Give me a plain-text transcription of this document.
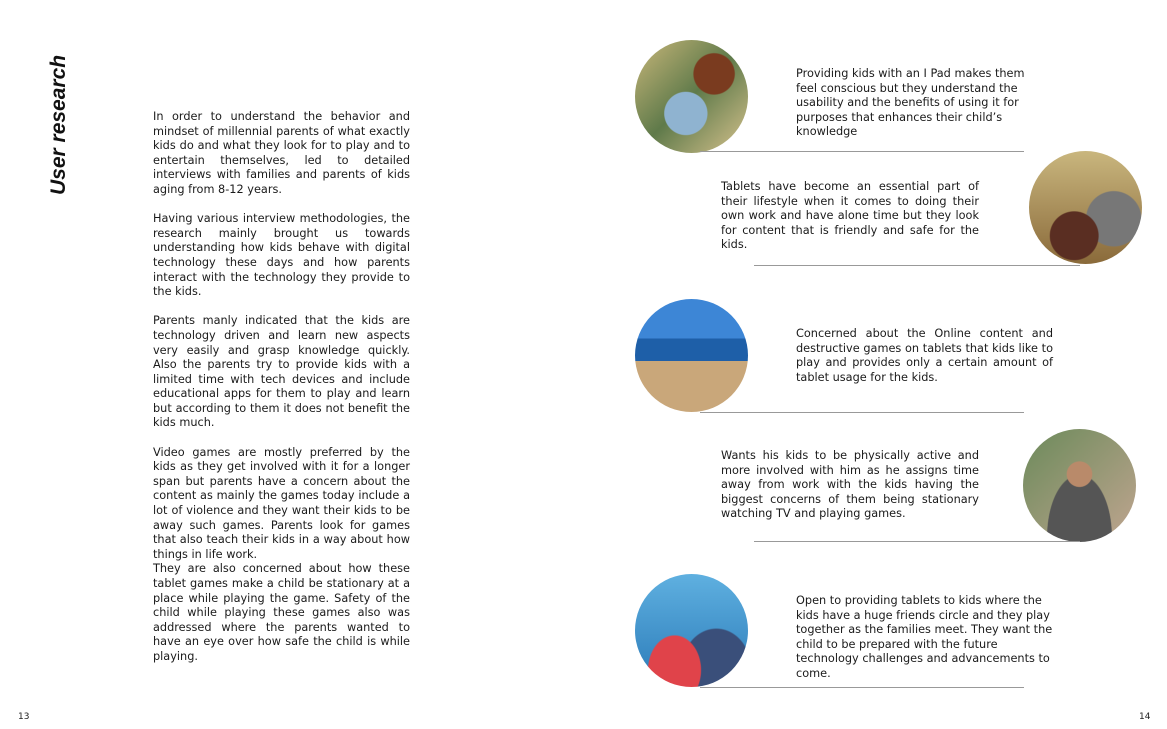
User research	In order to understand the behavior and mindset of millennial parents of what exactly kids do and what they look for to play and to entertain themselves, led to detailed interviews with families and parents of kids aging from 8-12 years.

Having various interview methodologies, the research mainly brought us towards understanding how kids behave with digital technology these days and how parents interact with the technology they provide to the kids.

Parents manly indicated that the kids are technology driven and learn new aspects very easily and grasp knowledge quickly. Also the parents try to provide kids with a limited time with tech devices and include educational apps for them to play and learn but according to them it does not benefit the kids much.

Video games are mostly preferred by the kids as they get involved with it for a longer span but parents have a concern about the content as mainly the games today include a lot of violence and they want their kids to be away such games. Parents look for games that also teach their kids in a way about how things in life work.

They are also concerned about how these tablet games make a child be stationary at a place while playing the game. Safety of the child while playing these games also was addressed where the parents wanted to have an eye over how safe the child is while playing.

Providing kids with an I Pad makes them feel conscious but they understand the usability and the benefits of using it for purposes that enhances their child’s knowledge
Tablets have become an essential part of their lifestyle when it comes to doing their own work and have alone time but they look for content that is friendly and safe for the kids.
Concerned about the Online content and destructive games on tablets that kids like to play and provides only a certain amount of tablet usage for the kids.
Wants his kids to be physically active and more involved with him as he assigns time away from work with the kids having the biggest concerns of them being stationary watching TV and playing games.
Open to providing tablets to kids where the kids have a huge friends circle and they play together as the families meet. They want the child to be prepared with the future technology challenges and advancements to come.
13	14
